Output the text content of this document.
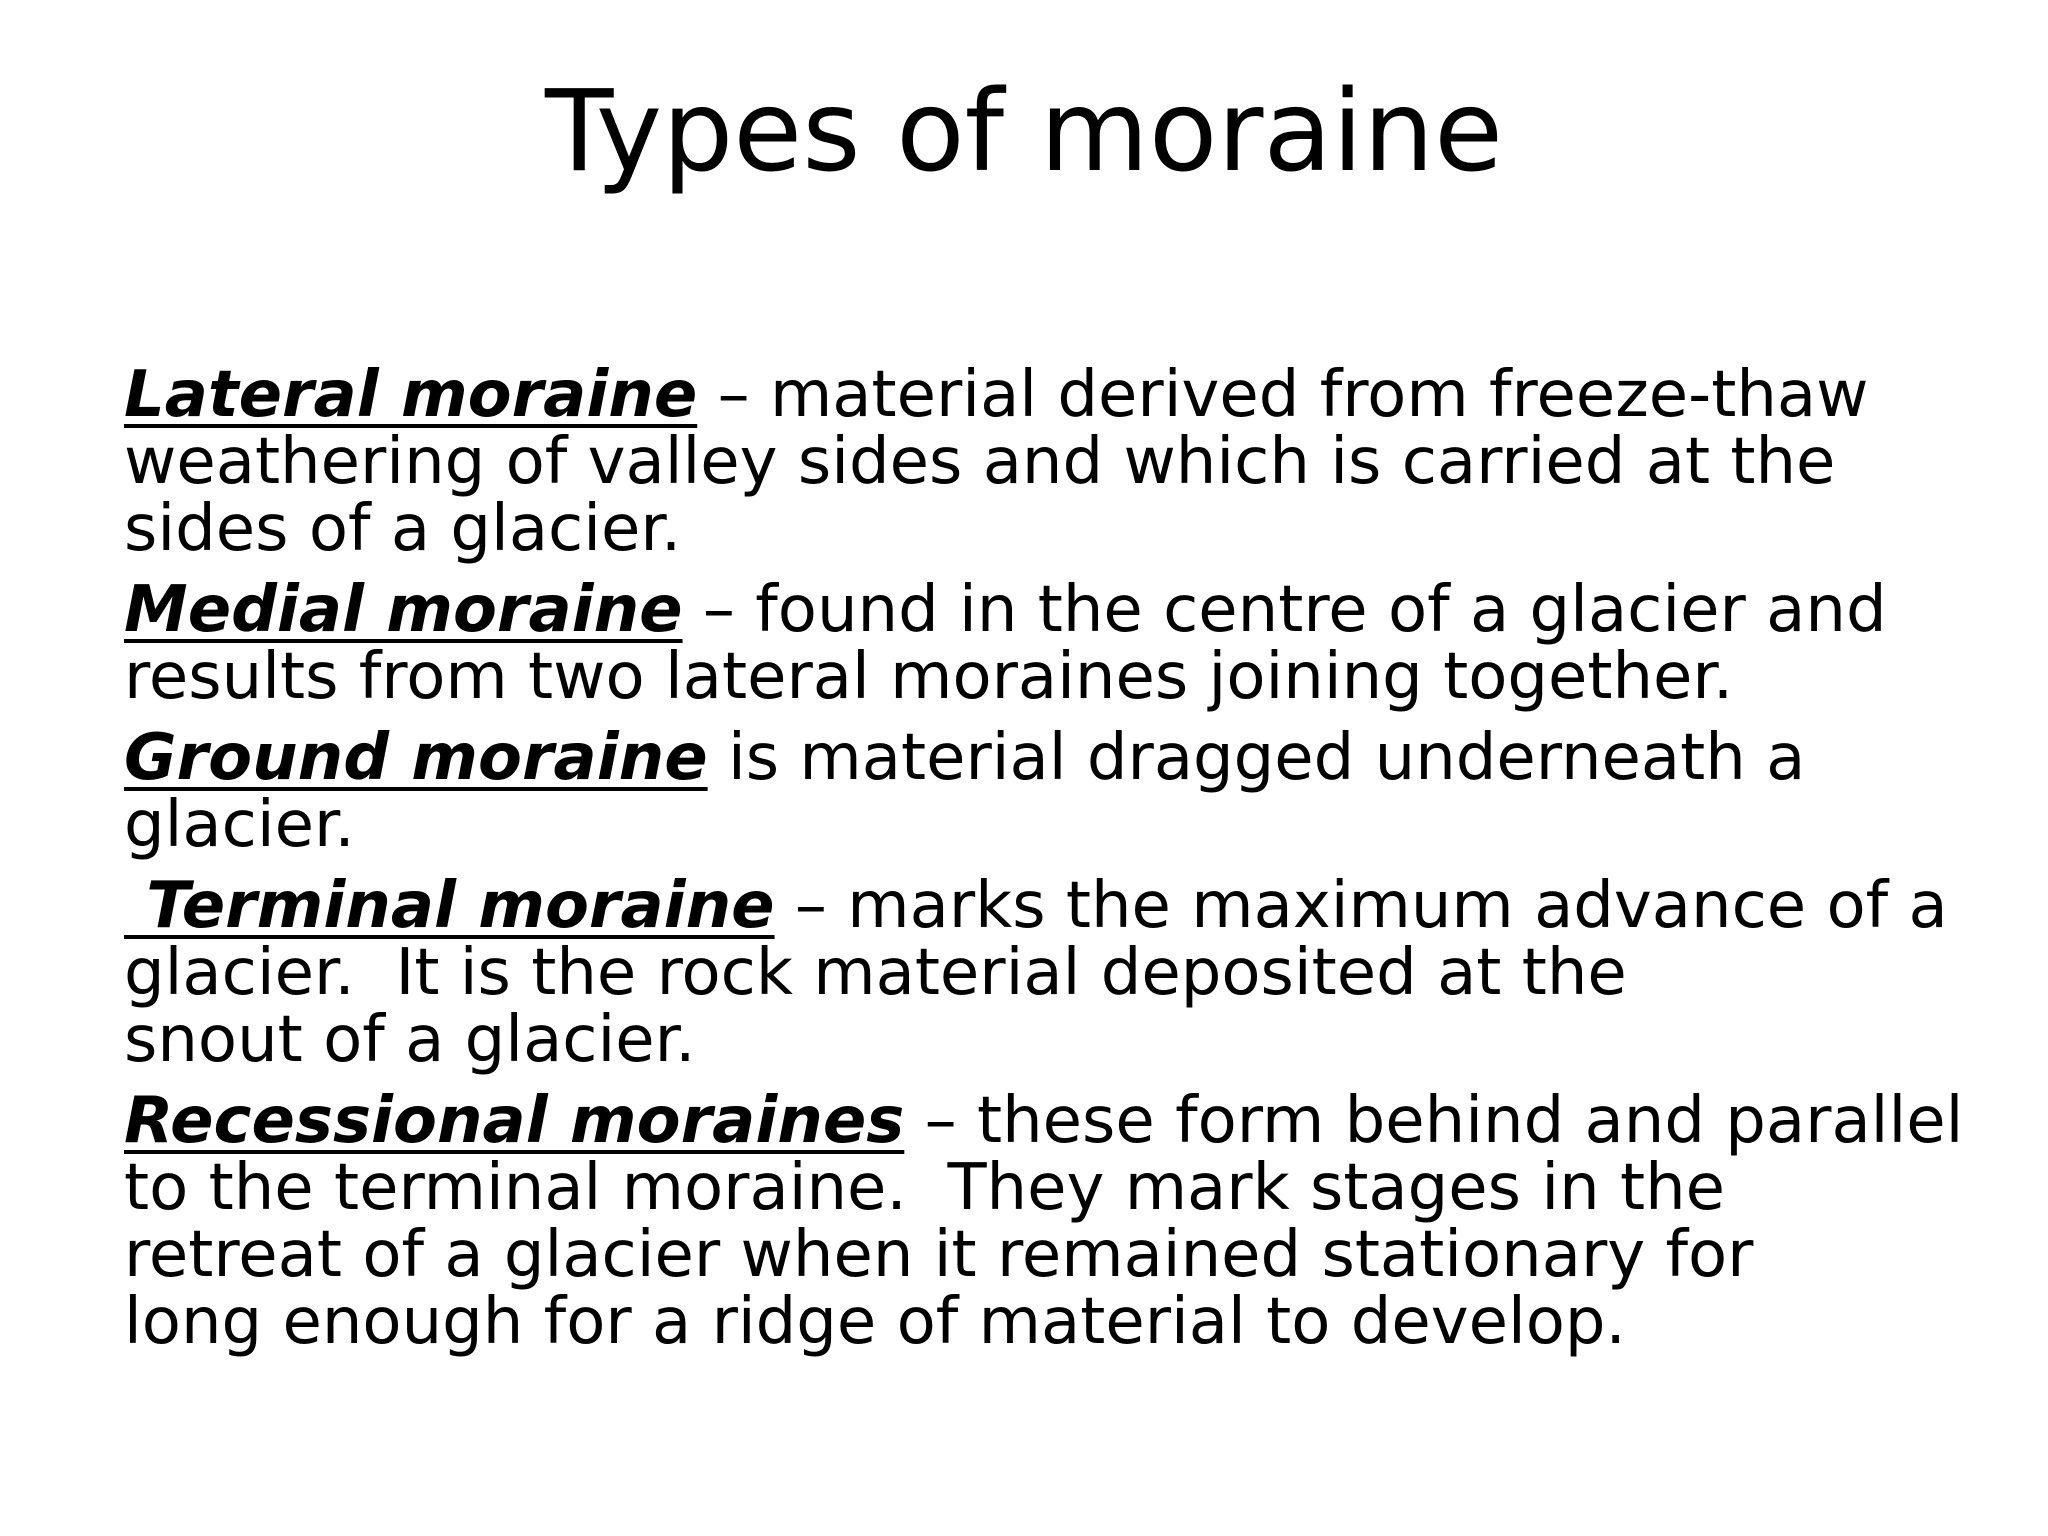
Types of moraine

Lateral moraine – material derived from freeze-thaw
weathering of valley sides and which is carried at the
sides of a glacier.

Medial moraine – found in the centre of a glacier and
results from two lateral moraines joining together.

Ground moraine is material dragged underneath a
glacier.

Terminal moraine – marks the maximum advance of a
glacier.  It is the rock material deposited at the
snout of a glacier.

Recessional moraines – these form behind and parallel
to the terminal moraine.  They mark stages in the
retreat of a glacier when it remained stationary for
long enough for a ridge of material to develop.
